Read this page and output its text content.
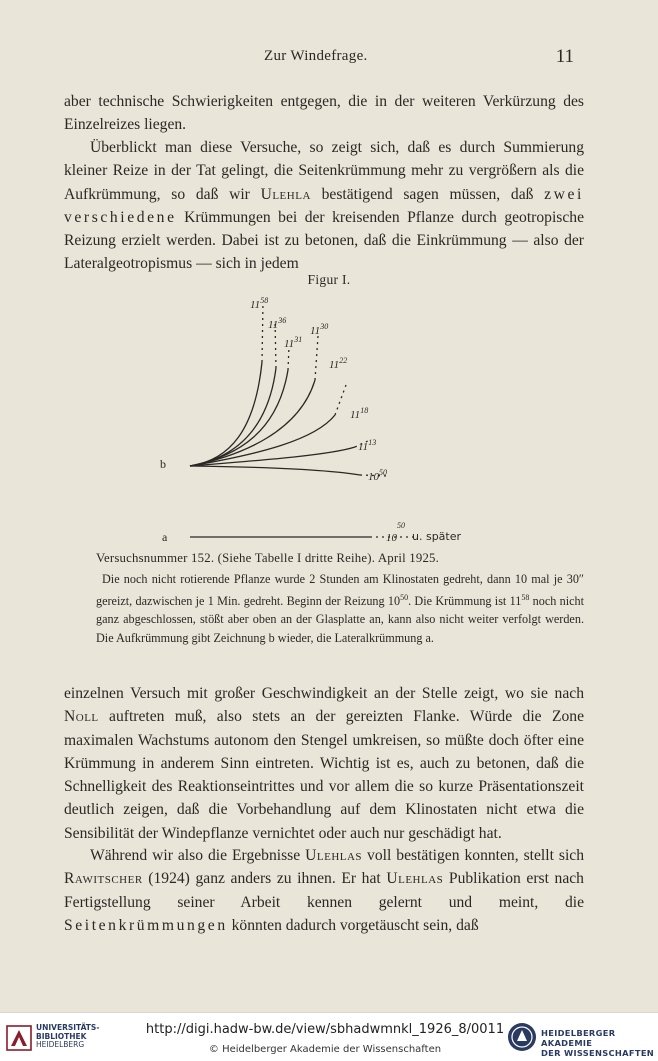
Zur Windefrage.	11
aber technische Schwierigkeiten entgegen, die in der weiteren Verkürzung des Einzelreizes liegen.
Überblickt man diese Versuche, so zeigt sich, daß es durch Summierung kleiner Reize in der Tat gelingt, die Seitenkrümmung mehr zu vergrößern als die Aufkrümmung, so daß wir Ulehla bestätigend sagen müssen, daß zwei verschiedene Krümmungen bei der kreisenden Pflanze durch geotropische Reizung erzielt werden. Dabei ist zu betonen, daß die Einkrümmung — also der Lateralgeotropismus — sich in jedem
Figur I.
$11^{58}$
$11^{36}$
$11^{30}$
$11^{31}$
$11^{22}$
$11^{18}$
$11^{13}$
$10^{50}$
$10^{50}$
u. später
b
a
Versuchsnummer 152. (Siehe Tabelle I dritte Reihe). April 1925.
Die noch nicht rotierende Pflanze wurde 2 Stunden am Klinostaten gedreht, dann 10 mal je 30″ gereizt, dazwischen je 1 Min. gedreht. Beginn der Reizung $10^{50}$. Die Krümmung ist $11^{58}$ noch nicht ganz abgeschlossen, stößt aber oben an der Glasplatte an, kann also nicht weiter verfolgt werden. Die Aufkrümmung gibt Zeichnung b wieder, die Lateralkrümmung a.
einzelnen Versuch mit großer Geschwindigkeit an der Stelle zeigt, wo sie nach Noll auftreten muß, also stets an der gereizten Flanke. Würde die Zone maximalen Wachstums autonom den Stengel umkreisen, so müßte doch öfter eine Krümmung in anderem Sinn eintreten. Wichtig ist es, auch zu betonen, daß die Schnelligkeit des Reaktionseintrittes und vor allem die so kurze Präsentationszeit deutlich zeigen, daß die Vorbehandlung auf dem Klinostaten nicht etwa die Sensibilität der Windepflanze vernichtet oder auch nur geschädigt hat.
Während wir also die Ergebnisse Ulehlas voll bestätigen konnten, stellt sich Rawitscher (1924) ganz anders zu ihnen. Er hat Ulehlas Publikation erst nach Fertigstellung seiner Arbeit kennen gelernt und meint, die Seitenkrümmungen könnten dadurch vorgetäuscht sein, daß
UNIVERSITÄTS-
BIBLIOTHEK
HEIDELBERG
http://digi.hadw-bw.de/view/sbhadwmnkl_1926_8/0011
© Heidelberger Akademie der Wissenschaften
HEIDELBERGER AKADEMIE
DER WISSENSCHAFTEN
